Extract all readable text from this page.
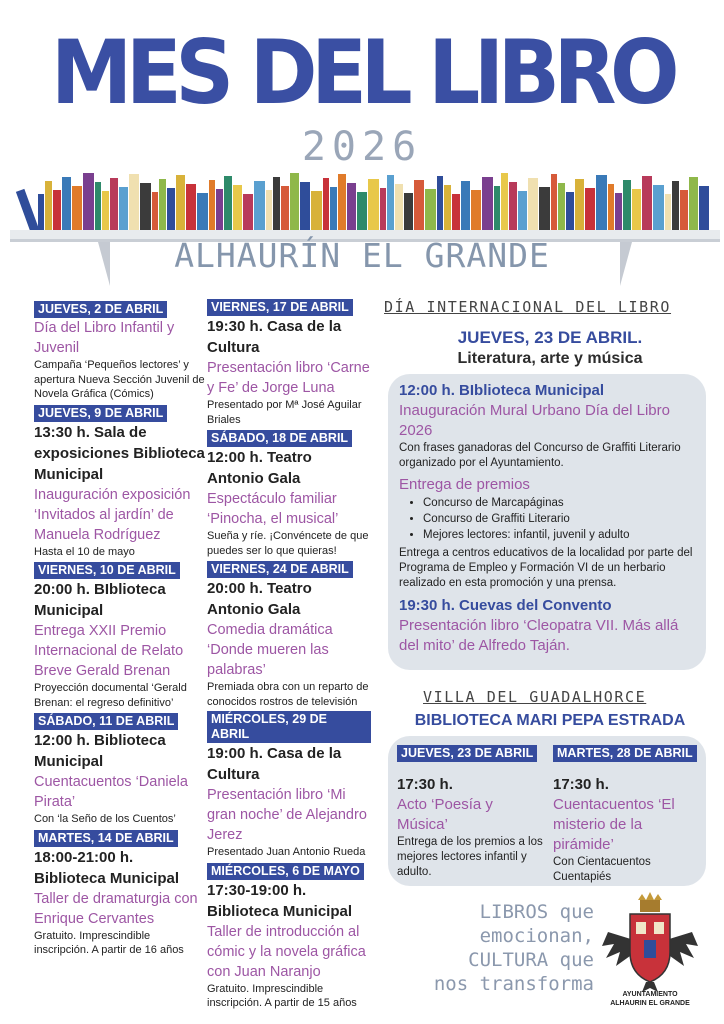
MES DEL LIBRO
2026
ALHAURÍN EL GRANDE
JUEVES, 2 DE ABRIL
Día del Libro Infantil y Juvenil
Campaña ‘Pequeños lectores’ y apertura Nueva Sección Juvenil de Novela Gráfica (Cómics)
JUEVES, 9 DE ABRIL
13:30 h. Sala de exposiciones Biblioteca Municipal
Inauguración exposición ‘Invitados al jardín’ de Manuela Rodríguez
Hasta el 10 de mayo
VIERNES, 10 DE ABRIL
20:00 h. BIblioteca Municipal
Entrega XXII Premio Internacional de Relato Breve Gerald Brenan
Proyección documental ‘Gerald Brenan: el regreso definitivo’
SÁBADO, 11 DE ABRIL
12:00 h. Biblioteca Municipal
Cuentacuentos ‘Daniela Pirata’
Con ‘la Seño de los Cuentos’
MARTES, 14 DE ABRIL
18:00-21:00 h. Biblioteca Municipal
Taller de dramaturgia con Enrique Cervantes
Gratuito. Imprescindible inscripción. A partir de 16 años
VIERNES, 17 DE ABRIL
19:30 h. Casa de la Cultura
Presentación libro ‘Carne y Fe’ de Jorge Luna
Presentado por Mª José Aguilar Briales
SÁBADO, 18 DE ABRIL
12:00 h. Teatro Antonio Gala
Espectáculo familiar ‘Pinocha, el musical’
Sueña y ríe. ¡Convéncete de que puedes ser lo que quieras!
VIERNES, 24 DE ABRIL
20:00 h. Teatro Antonio Gala
Comedia dramática ‘Donde mueren las palabras’
Premiada obra con un reparto de conocidos rostros de televisión
MIÉRCOLES, 29 DE ABRIL
19:00 h. Casa de la Cultura
Presentación libro ‘Mi gran noche’ de Alejandro Jerez
Presentado Juan Antonio Rueda
MIÉRCOLES, 6 DE MAYO
17:30-19:00 h. Biblioteca Municipal
Taller de introducción al cómic y la novela gráfica con Juan Naranjo
Gratuito. Imprescindible inscripción. A partir de 15 años
DÍA INTERNACIONAL DEL LIBRO
JUEVES, 23 DE ABRIL.
Literatura, arte y música
12:00 h. BIblioteca Municipal
Inauguración Mural Urbano Día del Libro 2026
Con frases ganadoras del Concurso de Graffiti Literario organizado por el Ayuntamiento.
Entrega de premios
• Concurso de Marcapáginas
• Concurso de Graffiti Literario
• Mejores lectores: infantil, juvenil y adulto
Entrega a centros educativos de la localidad por parte del Programa de Empleo y Formación VI de un herbario realizado en esta promoción y una prensa.
19:30 h. Cuevas del Convento
Presentación libro ‘Cleopatra VII. Más allá del mito’ de Alfredo Taján.
VILLA DEL GUADALHORCE
BIBLIOTECA MARI PEPA ESTRADA
JUEVES, 23 DE ABRIL
17:30 h.
Acto ‘Poesía y Música’
Entrega de los premios a los mejores lectores infantil y adulto.
MARTES, 28 DE ABRIL
17:30 h.
Cuentacuentos ‘El misterio de la pirámide’
Con Cientacuentos Cuentapiés
LIBROS que
emocionan,
CULTURA que
nos transforma	AYUNTAMIENTO
ALHAURIN EL GRANDE
